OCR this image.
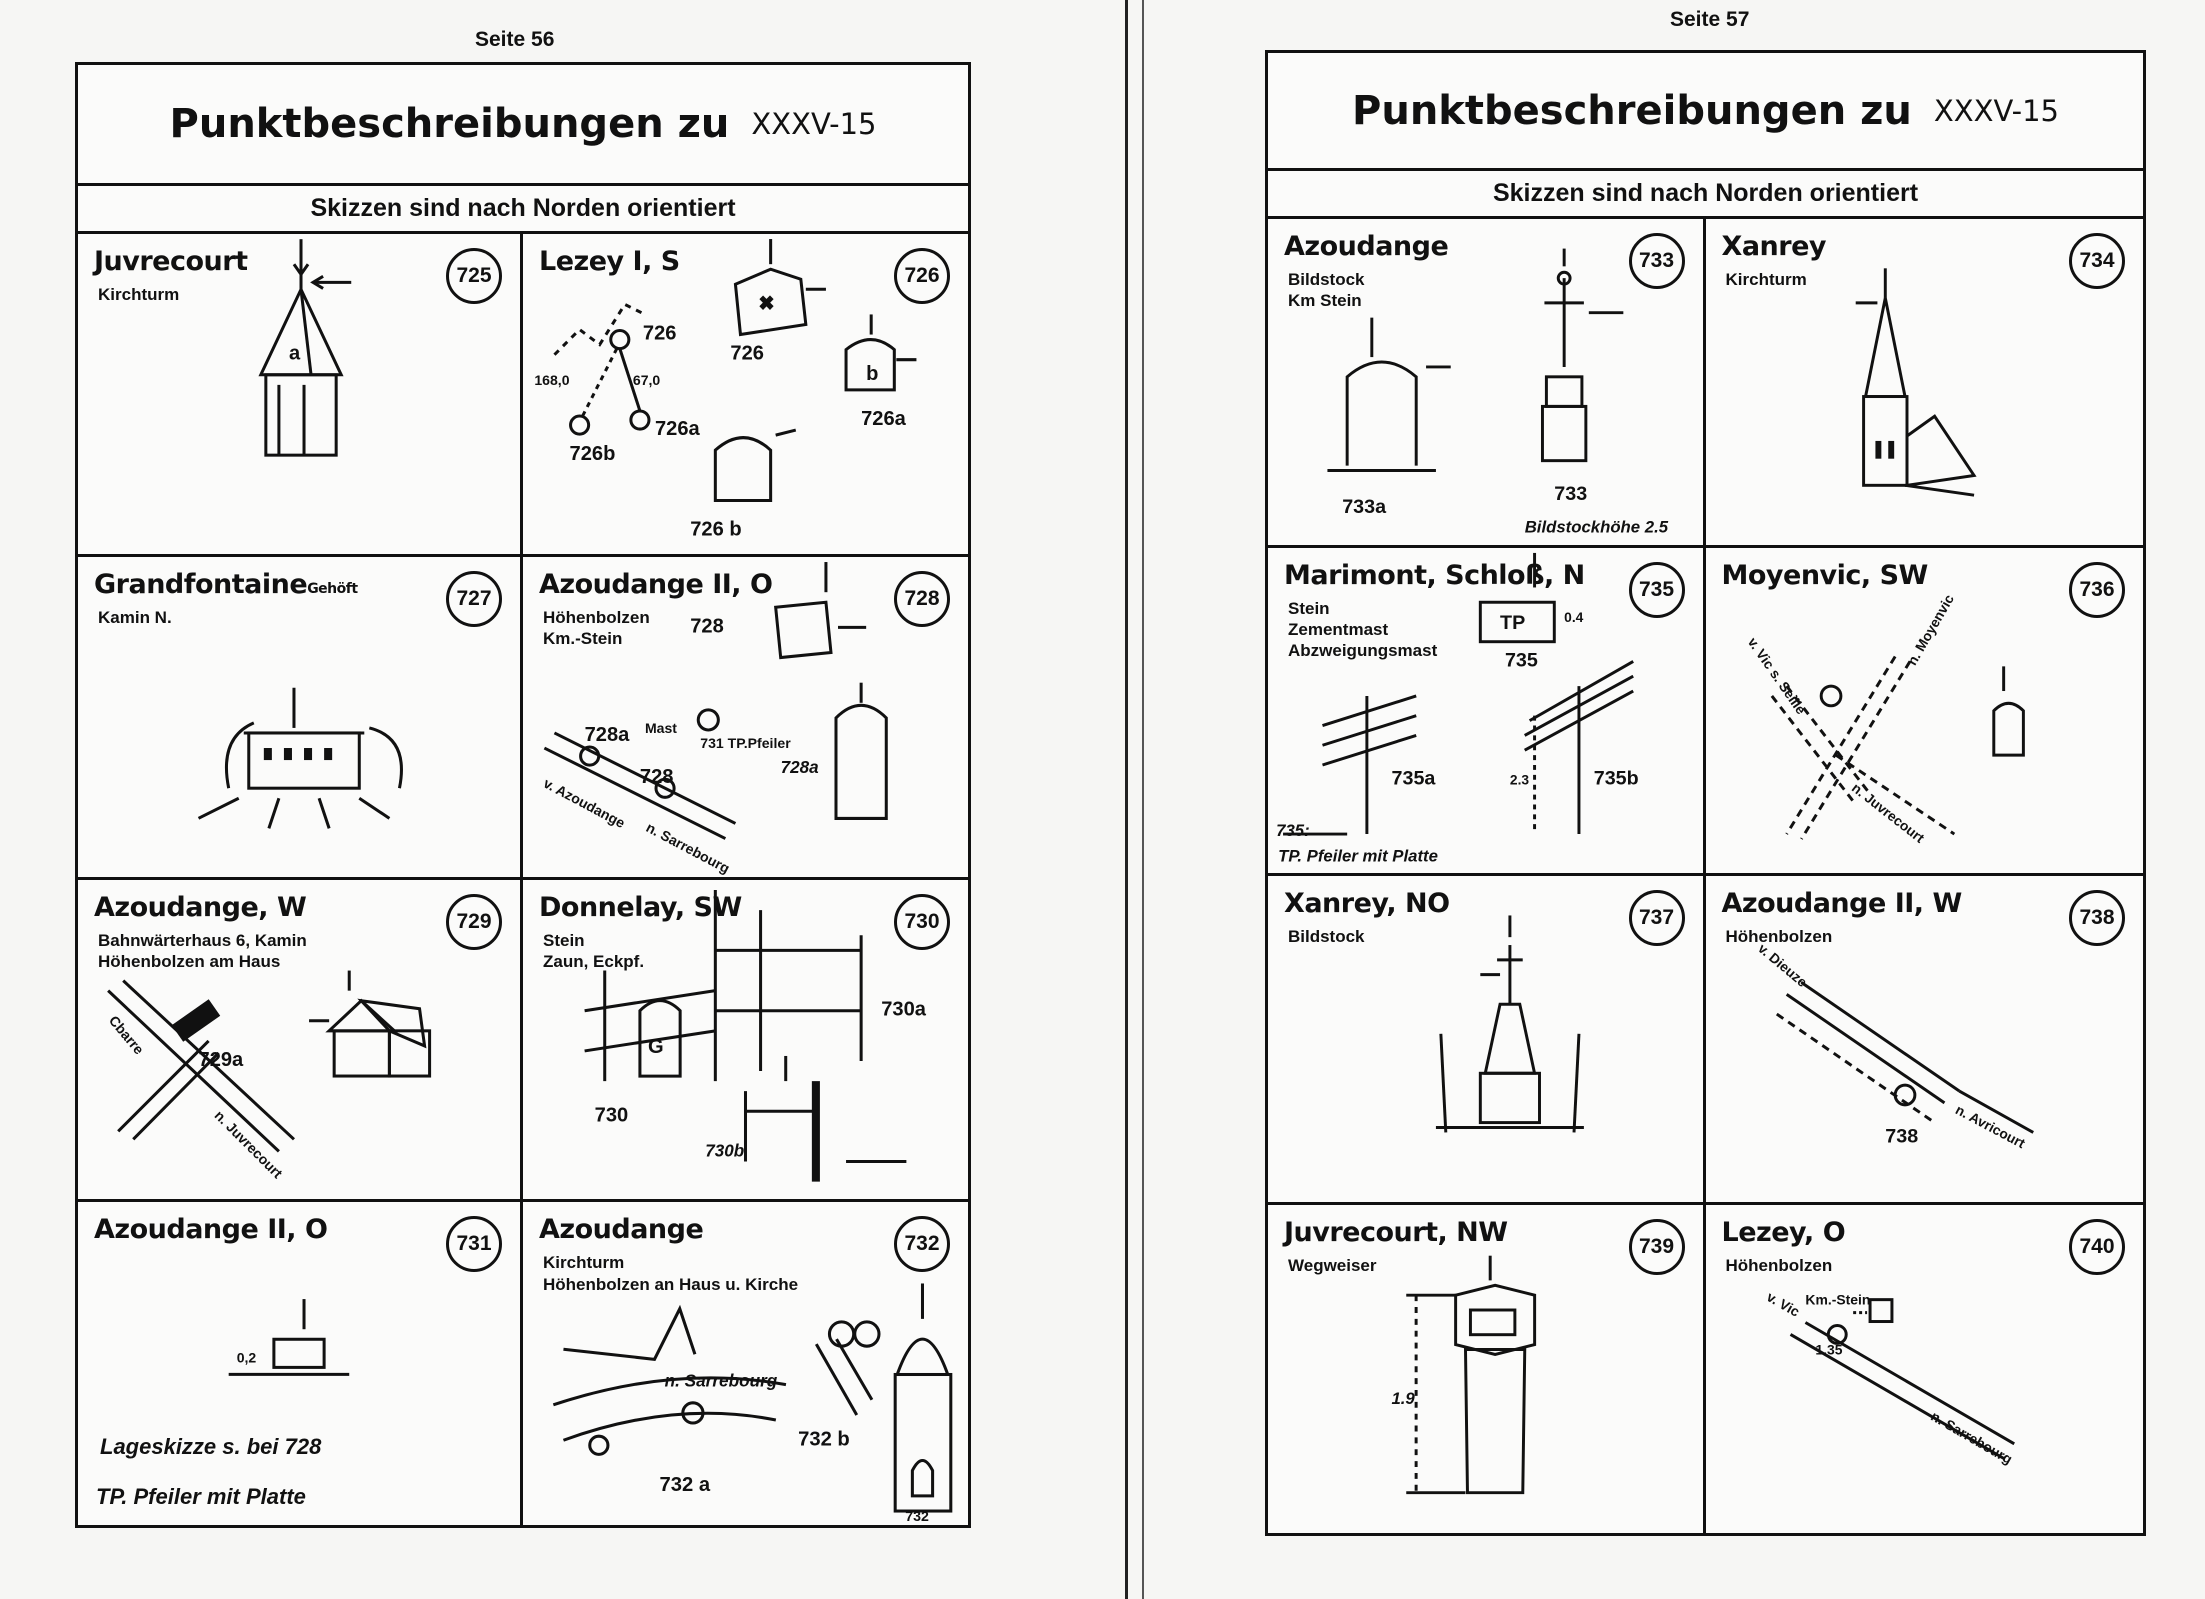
Seite 56
Punktbeschreibungen zu XXXV-15
Skizzen sind nach Norden orientiert
Juvrecourt
Kirchturm
725
a
Lezey I, S	726
×
726
726
726a
726b
726 b
726a
168,0	67,0	b
GrandfontaineGehöft
Kamin N.
727	Azoudange II, O
Höhenbolzen
Km.-Stein
728
728
728
728a Mast
731 TP.Pfeiler
728a
v. Azoudange
n. Sarrebourg
Azoudange, W
Bahnwärterhaus 6, Kamin
Höhenbolzen am Haus
729
729a
Cbarre
n. Juvrecourt
Donnelay, SW
Stein
Zaun, Eckpf.
730
G
730a
730
730b
Azoudange II, O	731
0,2
Lageskizze s. bei 728
TP. Pfeiler mit Platte
Azoudange
Kirchturm
Höhenbolzen an Haus u. Kirche
732
n. Sarrebourg
732 b
732 a
732
Seite 57
Punktbeschreibungen zu XXXV-15
Skizzen sind nach Norden orientiert
Azoudange
Bildstock
Km Stein
733
733a
733
Bildstockhöhe 2.5
Xanrey
Kirchturm
734
Marimont, Schloß, N
Stein
Zementmast
Abzweigungsmast
735
TP
735
735a	735b
2.3
0.4
735:
TP. Pfeiler mit Platte
Moyenvic, SW	736
v. Vic s. Seille
n. Moyenvic
n. Juvrecourt
Xanrey, NO
Bildstock
737	Azoudange II, W
Höhenbolzen
738
v. Dieuze
738 n. Avricourt
Juvrecourt, NW
Wegweiser
739
1.9
Lezey, O
Höhenbolzen
740
v. Vic Km.-Stein
1.35
n. Sarrebourg
